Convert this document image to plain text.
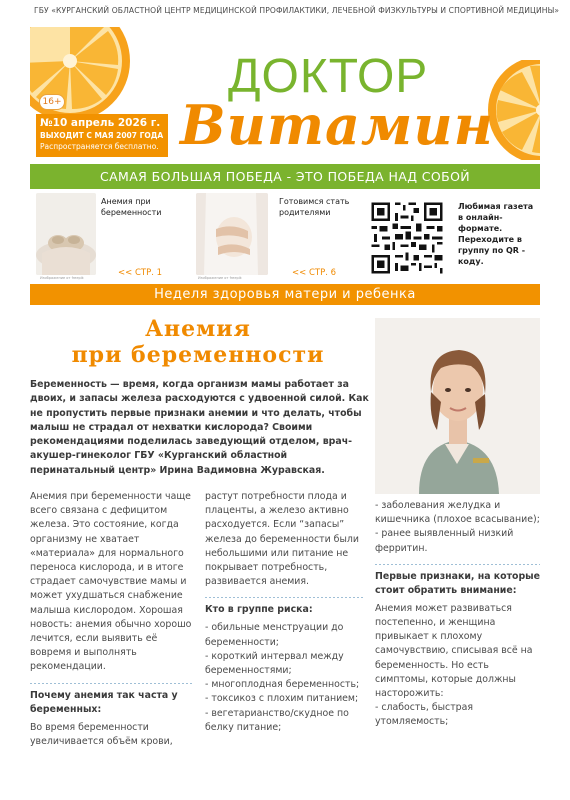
ГБУ «КУРГАНСКИЙ ОБЛАСТНОЙ ЦЕНТР МЕДИЦИНСКОЙ ПРОФИЛАКТИКИ, ЛЕЧЕБНОЙ ФИЗКУЛЬТУРЫ И СПОРТИВНОЙ МЕДИЦИНЫ»
16+
№10 апрель 2026 г.
ВЫХОДИТ С МАЯ 2007 ГОДА
Распространяется бесплатно.
ДОКТОР
Витамин
САМАЯ БОЛЬШАЯ ПОБЕДА - ЭТО ПОБЕДА НАД СОБОЙ
Анемия при беременности
<< СТР. 1
Изображение от freepik
Готовимся стать родителями
<< СТР. 6
Изображение от freepik
Любимая газета в онлайн-формате. Переходите в группу по QR - коду.
Неделя здоровья матери и ребенка
Анемия
при беременности
Беременность — время, когда организм мамы работает за двоих, и запасы железа расходуются с удвоенной силой. Как не пропустить первые признаки анемии и что делать, чтобы малыш не страдал от нехватки кислорода? Своими рекомендациями поделилась заведующий отделом, врач-акушер-гинеколог ГБУ «Курганский областной перинатальный центр» Ирина Вадимовна Журавская.

Анемия при беременности чаще всего связана с дефицитом железа. Это состояние, когда организму не хватает «материала» для нормального переноса кислорода, и в итоге страдает самочувствие мамы и может ухудшаться снабжение малыша кислородом. Хорошая новость: анемия обычно хорошо лечится, если выявить её вовремя и выполнять рекомендации.

Почему анемия так часта у беременных:

Во время беременности увеличивается объём крови,

растут потребности плода и плаценты, а железо активно расходуется. Если “запасы” железа до беременности были небольшими или питание не покрывает потребность, развивается анемия.

Кто в группе риска:

- обильные менструации до беременности;

- короткий интервал между беременностями;

- многоплодная беременность;

- токсикоз с плохим питанием;

- вегетарианство/скудное по белку питание;

- заболевания желудка и кишечника (плохое всасывание);

- ранее выявленный низкий ферритин.

Первые признаки, на которые стоит обратить внимание:

Анемия может развиваться постепенно, и женщина привыкает к плохому самочувствию, списывая всё на беременность. Но есть симптомы, которые должны насторожить:

- слабость, быстрая утомляемость;
